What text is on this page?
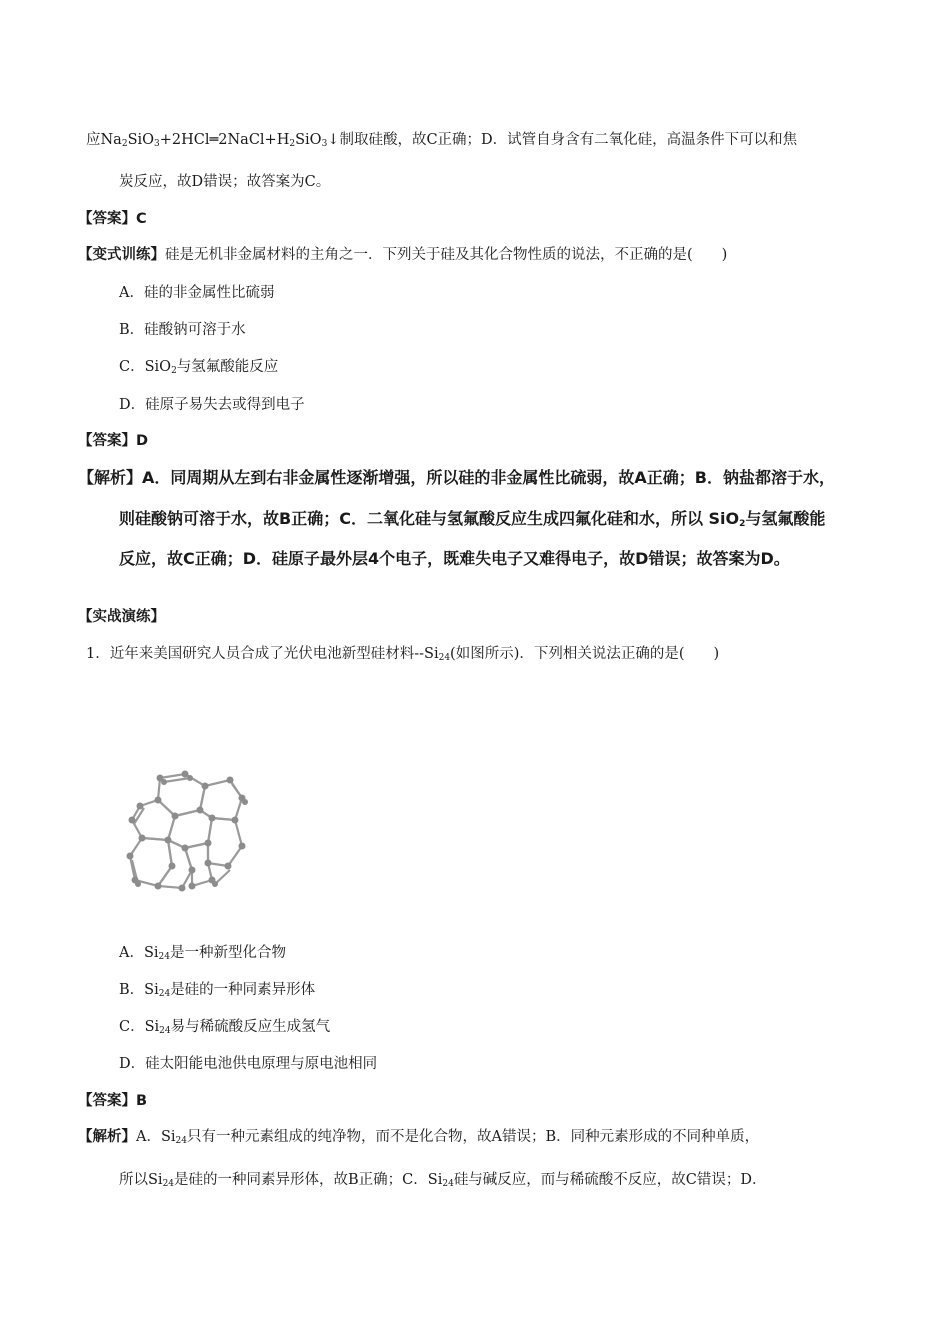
应$Na_2SiO_3+2HCl═2NaCl+H_2SiO_3↓$制取硅酸，故C正确；D．试管自身含有二氧化硅，高温条件下可以和焦
炭反应，故D错误；故答案为C。
【答案】C
【变式训练】硅是无机非金属材料的主角之一．下列关于硅及其化合物性质的说法，不正确的是(　　)
A．硅的非金属性比硫弱
B．硅酸钠可溶于水
C．SiO$_2$与氢氟酸能反应
D．硅原子易失去或得到电子
【答案】D
【解析】A．同周期从左到右非金属性逐渐增强，所以硅的非金属性比硫弱，故A正确；B．钠盐都溶于水，
则硅酸钠可溶于水，故B正确；C．二氧化硅与氢氟酸反应生成四氟化硅和水，所以 SiO$_2$与氢氟酸能
反应，故C正确；D．硅原子最外层4个电子，既难失电子又难得电子，故D错误；故答案为D。
【实战演练】
1．近年来美国研究人员合成了光伏电池新型硅材料$--Si_{24}$(如图所示)．下列相关说法正确的是(　　)
A．$Si_{24}$是一种新型化合物
B．$Si_{24}$是硅的一种同素异形体
C．$Si_{24}$易与稀硫酸反应生成氢气
D．硅太阳能电池供电原理与原电池相同
【答案】B
【解析】A．$Si_{24}$只有一种元素组成的纯净物，而不是化合物，故A错误；B．同种元素形成的不同种单质，
所以$Si_{24}$是硅的一种同素异形体，故B正确；C．$Si_{24}$硅与碱反应，而与稀硫酸不反应，故C错误；D．
